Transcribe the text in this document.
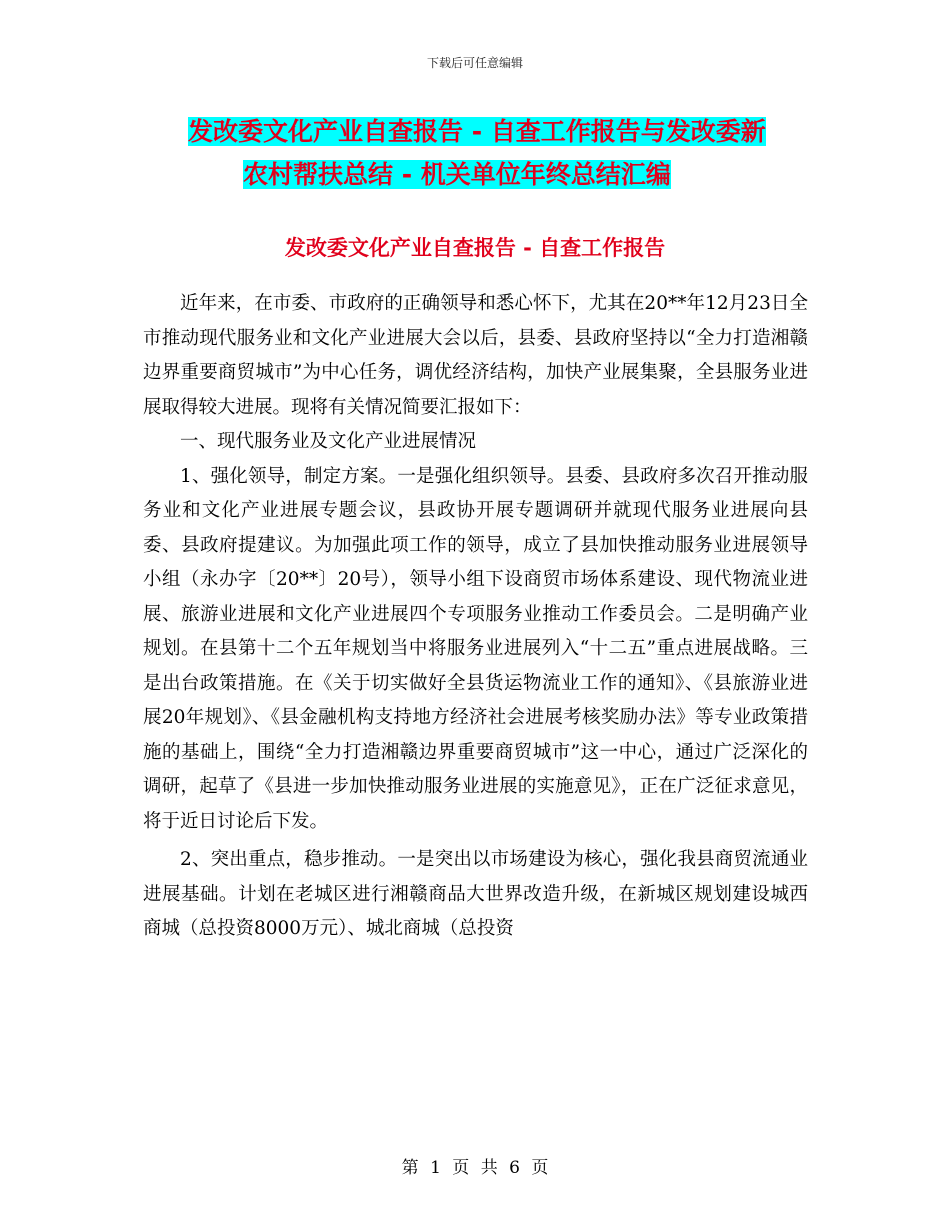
下载后可任意编辑
发改委文化产业自查报告 - 自查工作报告与发改委新
农村帮扶总结 - 机关单位年终总结汇编
发改委文化产业自查报告 - 自查工作报告

近年来，在市委、市政府的正确领导和悉心怀下，尤其在20**年12月23日全市推动现代服务业和文化产业进展大会以后，县委、县政府坚持以“全力打造湘赣边界重要商贸城市”为中心任务，调优经济结构，加快产业展集聚，全县服务业进展取得较大进展。现将有关情况简要汇报如下：

一、现代服务业及文化产业进展情况

1、强化领导，制定方案。一是强化组织领导。县委、县政府多次召开推动服务业和文化产业进展专题会议，县政协开展专题调研并就现代服务业进展向县委、县政府提建议。为加强此项工作的领导，成立了县加快推动服务业进展领导小组（永办字〔20**〕20号），领导小组下设商贸市场体系建设、现代物流业进展、旅游业进展和文化产业进展四个专项服务业推动工作委员会。二是明确产业规划。在县第十二个五年规划当中将服务业进展列入“十二五”重点进展战略。三是出台政策措施。在《关于切实做好全县货运物流业工作的通知》、《县旅游业进展20年规划》、《县金融机构支持地方经济社会进展考核奖励办法》等专业政策措施的基础上，围绕“全力打造湘赣边界重要商贸城市”这一中心，通过广泛深化的调研，起草了《县进一步加快推动服务业进展的实施意见》，正在广泛征求意见，将于近日讨论后下发。

2、突出重点，稳步推动。一是突出以市场建设为核心，强化我县商贸流通业进展基础。计划在老城区进行湘赣商品大世界改造升级，在新城区规划建设城西商城（总投资8000万元）、城北商城（总投资

第 1 页 共 6 页
